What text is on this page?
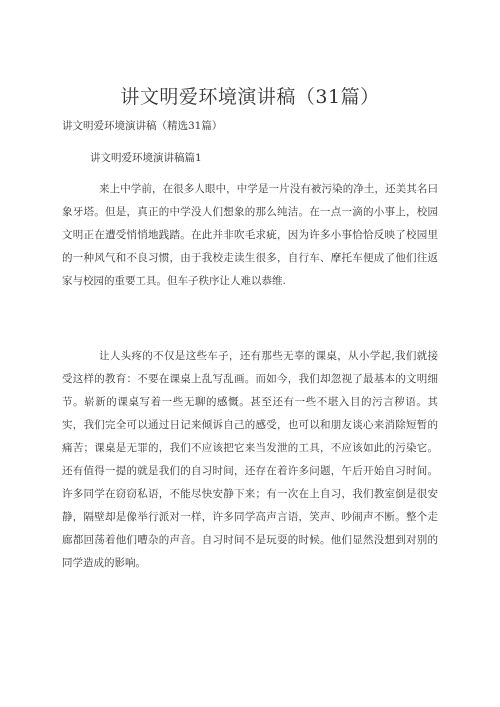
讲文明爱环境演讲稿（31篇）
讲文明爱环境演讲稿（精选31篇）
讲文明爱环境演讲稿篇1

来上中学前，在很多人眼中，中学是一片没有被污染的净土，还美其名曰象牙塔。但是，真正的中学没人们想象的那么纯洁。在一点一滴的小事上，校园文明正在遭受悄悄地践踏。在此并非吹毛求疵，因为许多小事恰恰反映了校园里的一种风气和不良习惯，由于我校走读生很多，自行车、摩托车便成了他们往返家与校园的重要工具。但车子秩序让人难以恭维.

让人头疼的不仅是这些车子，还有那些无辜的课桌，从小学起,我们就接受这样的教育：不要在课桌上乱写乱画。而如今，我们却忽视了最基本的文明细节。崭新的课桌写着一些无聊的感慨。甚至还有一些不堪入目的污言秽语。其实，我们完全可以通过日记来倾诉自己的感受，也可以和朋友谈心来消除短暂的痛苦；课桌是无罪的，我们不应该把它来当发泄的工具，不应该如此的污染它。还有值得一提的就是我们的自习时间，还存在着许多问题，午后开始自习时间。许多同学在窃窃私语，不能尽快安静下来；有一次在上自习，我们教室倒是很安静，隔壁却是像举行派对一样，许多同学高声言语，笑声、吵闹声不断。整个走廊都回荡着他们嘈杂的声音。自习时间不是玩耍的时候。他们显然没想到对别的同学造成的影响。
